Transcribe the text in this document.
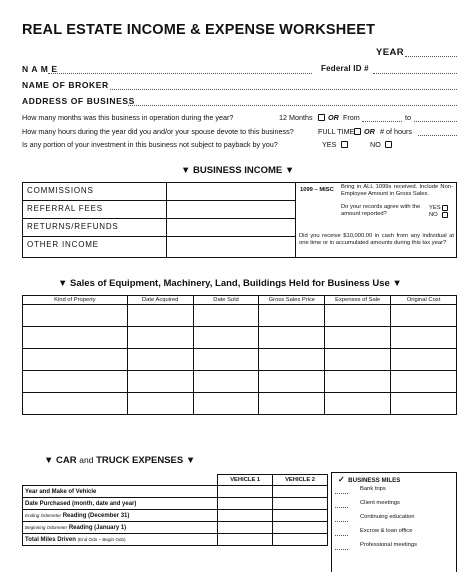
REAL ESTATE INCOME & EXPENSE WORKSHEET
YEAR
N A M E	Federal ID #
NAME OF BROKER
ADDRESS OF BUSINESS
How many months was this business in operation during the year?	12 Months OR From	to
How many hours during the year did you and/or your spouse devote to this business?	FULL TIME OR # of hours
Is any portion of your investment in this business not subject to payback by you?	YES	NO
▼ BUSINESS INCOME ▼
COMMISSIONS
REFERRAL FEES
RETURNS/REFUNDS
OTHER INCOME
1099 – MISC Bring in ALL 1099s received. Include Non-Employee Amount in Gross Sales.
Do your records agree with the amount reported?
YES
NO
Did you receive $10,000.00 in cash from any individual at one time or in accumulated amounts during this tax year?
▼ Sales of Equipment, Machinery, Land, Buildings Held for Business Use ▼
Kind of Property	Date Acquired	Date Sold	Gross Sales Price	Expenses of Sale	Original Cost

▼ CAR and TRUCK EXPENSES ▼
	VEHICLE 1	VEHICLE 2
Year and Make of Vehicle		
Date Purchased (month, date and year)		
Ending Odometer Reading (December 31)		
Beginning Odometer Reading (January 1)		
Total Miles Driven (End Odo – Begin Odo)		
✓ BUSINESS MILES
Bank trips
Client meetings
Continuing education
Excrow & loan office
Professional meetings
